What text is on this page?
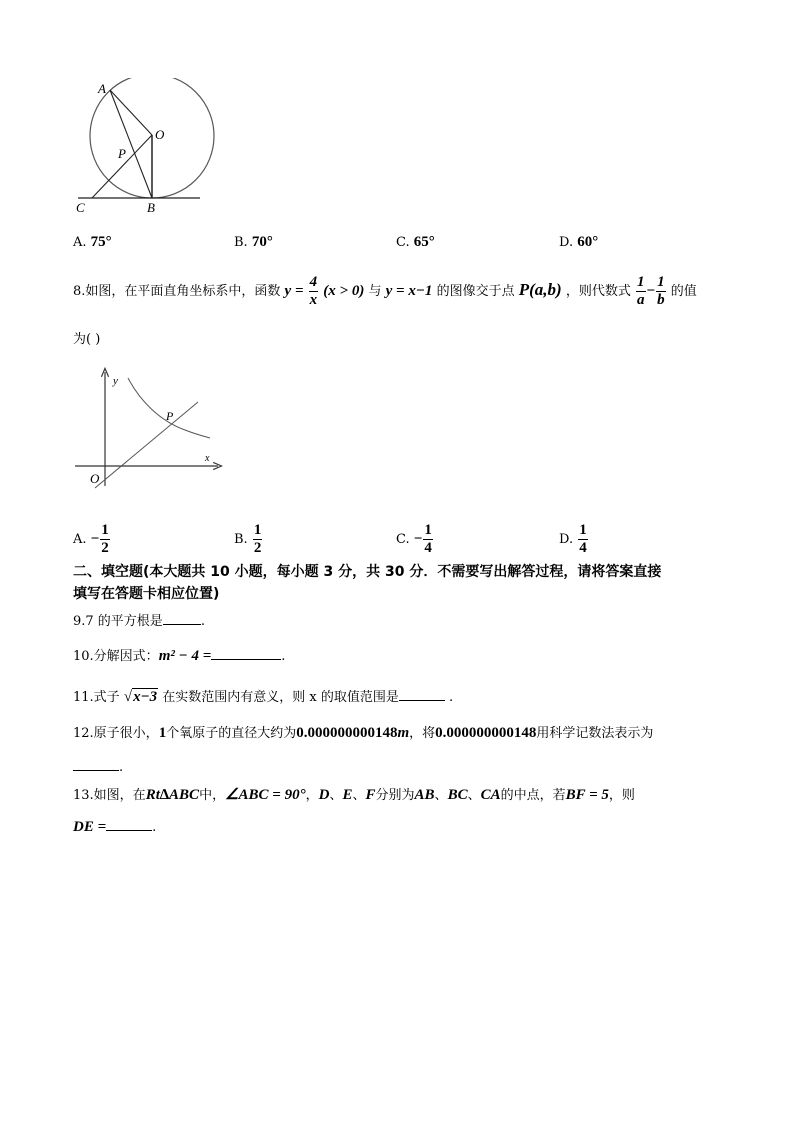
A
O
P
C	B
A. 75°	B. 70°	C. 65°	D. 60°
8.如图，在平面直角坐标系中，函数 $y = \frac{4}{x} (x > 0)$ 与 y = x−1 的图像交于点 P(a,b) ，则代数式 $\frac{1}{a} - \frac{1}{b}$ 的值
为( )
y
x
O
P
A. − $\frac{1}{2}$	B. $\frac{1}{2}$	C. − $\frac{1}{4}$	D. $\frac{1}{4}$
二、填空题(本大题共 10 小题，每小题 3 分，共 30 分．不需要写出解答过程，请将答案直接
填写在答题卡相应位置)
9.7 的平方根是	.
10.分解因式：m² − 4 =	.
11.式子 √x−3 在实数范围内有意义，则 x 的取值范围是	.
12.原子很小，1个氧原子的直径大约为0.000000000148m，将0.000000000148用科学记数法表示为
.
13.如图，在Rt∆ABC中，∠ABC = 90°，D、E、F分别为AB、BC、CA的中点，若BF = 5，则
DE =	.
